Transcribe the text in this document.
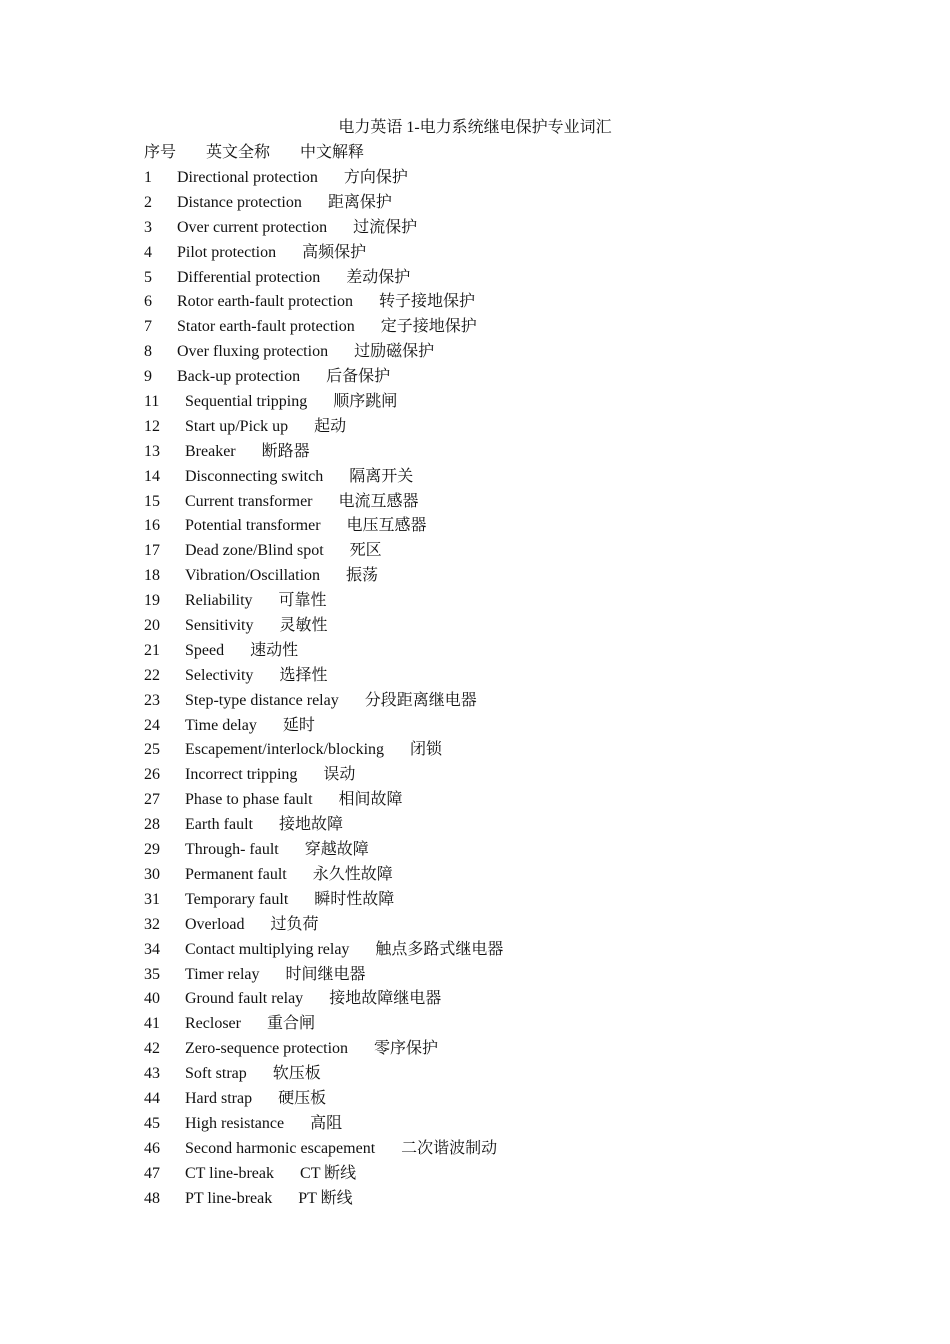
电力英语 1-电力系统继电保护专业词汇
序号 英文全称 中文解释
1 Directional protection 方向保护
2 Distance protection 距离保护
3 Over current protection 过流保护
4 Pilot protection 高频保护
5 Differential protection 差动保护
6 Rotor earth-fault protection 转子接地保护
7 Stator earth-fault protection 定子接地保护
8 Over fluxing protection 过励磁保护
9 Back-up protection 后备保护
11 Sequential tripping 顺序跳闸
12 Start up/Pick up 起动
13 Breaker 断路器
14 Disconnecting switch 隔离开关
15 Current transformer 电流互感器
16 Potential transformer 电压互感器
17 Dead zone/Blind spot 死区
18 Vibration/Oscillation 振荡
19 Reliability 可靠性
20 Sensitivity 灵敏性
21 Speed 速动性
22 Selectivity 选择性
23 Step-type distance relay 分段距离继电器
24 Time delay 延时
25 Escapement/interlock/blocking 闭锁
26 Incorrect tripping 误动
27 Phase to phase fault 相间故障
28 Earth fault 接地故障
29 Through- fault 穿越故障
30 Permanent fault 永久性故障
31 Temporary fault 瞬时性故障
32 Overload 过负荷
34 Contact multiplying relay 触点多路式继电器
35 Timer relay 时间继电器
40 Ground fault relay 接地故障继电器
41 Recloser 重合闸
42 Zero-sequence protection 零序保护
43 Soft strap 软压板
44 Hard strap 硬压板
45 High resistance 高阻
46 Second harmonic escapement 二次谐波制动
47 CT line-break CT 断线
48 PT line-break PT 断线
